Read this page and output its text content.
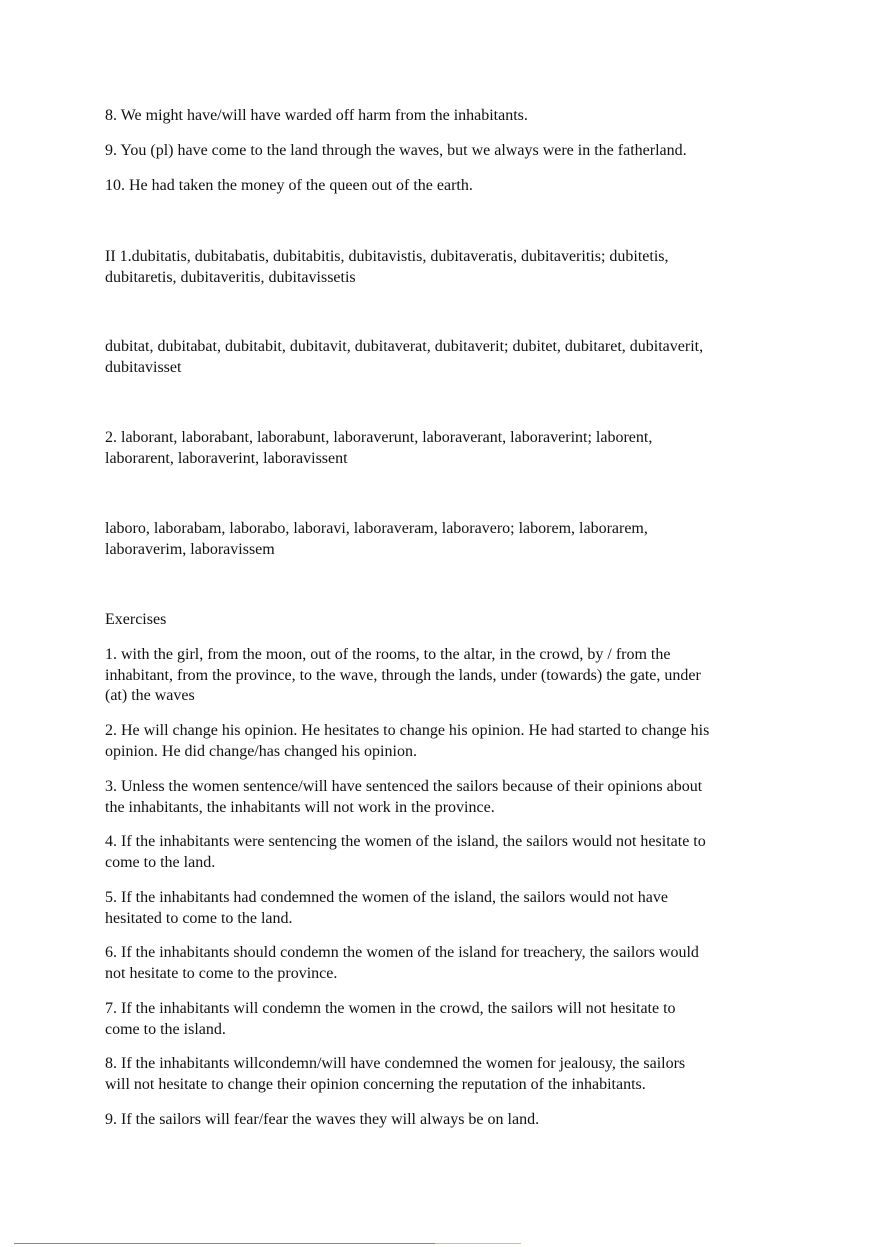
8. We might have/will have warded off harm from the inhabitants.
9. You (pl) have come to the land through the waves, but we always were in the fatherland.
10. He had taken the money of the queen out of the earth.
II 1.dubitatis, dubitabatis, dubitabitis, dubitavistis, dubitaveratis, dubitaveritis; dubitetis,
dubitaretis, dubitaveritis, dubitavissetis
dubitat, dubitabat, dubitabit, dubitavit, dubitaverat, dubitaverit; dubitet, dubitaret, dubitaverit,
dubitavisset
2. laborant, laborabant, laborabunt, laboraverunt, laboraverant, laboraverint; laborent,
laborarent, laboraverint, laboravissent
laboro, laborabam, laborabo, laboravi, laboraveram, laboravero; laborem, laborarem,
laboraverim, laboravissem
Exercises
1. with the girl, from the moon, out of the rooms, to the altar, in the crowd, by / from the
inhabitant, from the province, to the wave, through the lands, under (towards) the gate, under
(at) the waves
2. He will change his opinion. He hesitates to change his opinion. He had started to change his
opinion. He did change/has changed his opinion.
3. Unless the women sentence/will have sentenced the sailors because of their opinions about
the inhabitants, the inhabitants will not work in the province.
4. If the inhabitants were sentencing the women of the island, the sailors would not hesitate to
come to the land.
5. If the inhabitants had condemned the women of the island, the sailors would not have
hesitated to come to the land.
6. If the inhabitants should condemn the women of the island for treachery, the sailors would
not hesitate to come to the province.
7. If the inhabitants will condemn the women in the crowd, the sailors will not hesitate to
come to the island.
8. If the inhabitants willcondemn/will have condemned the women for jealousy, the sailors
will not hesitate to change their opinion concerning the reputation of the inhabitants.
9. If the sailors will fear/fear the waves they will always be on land.
